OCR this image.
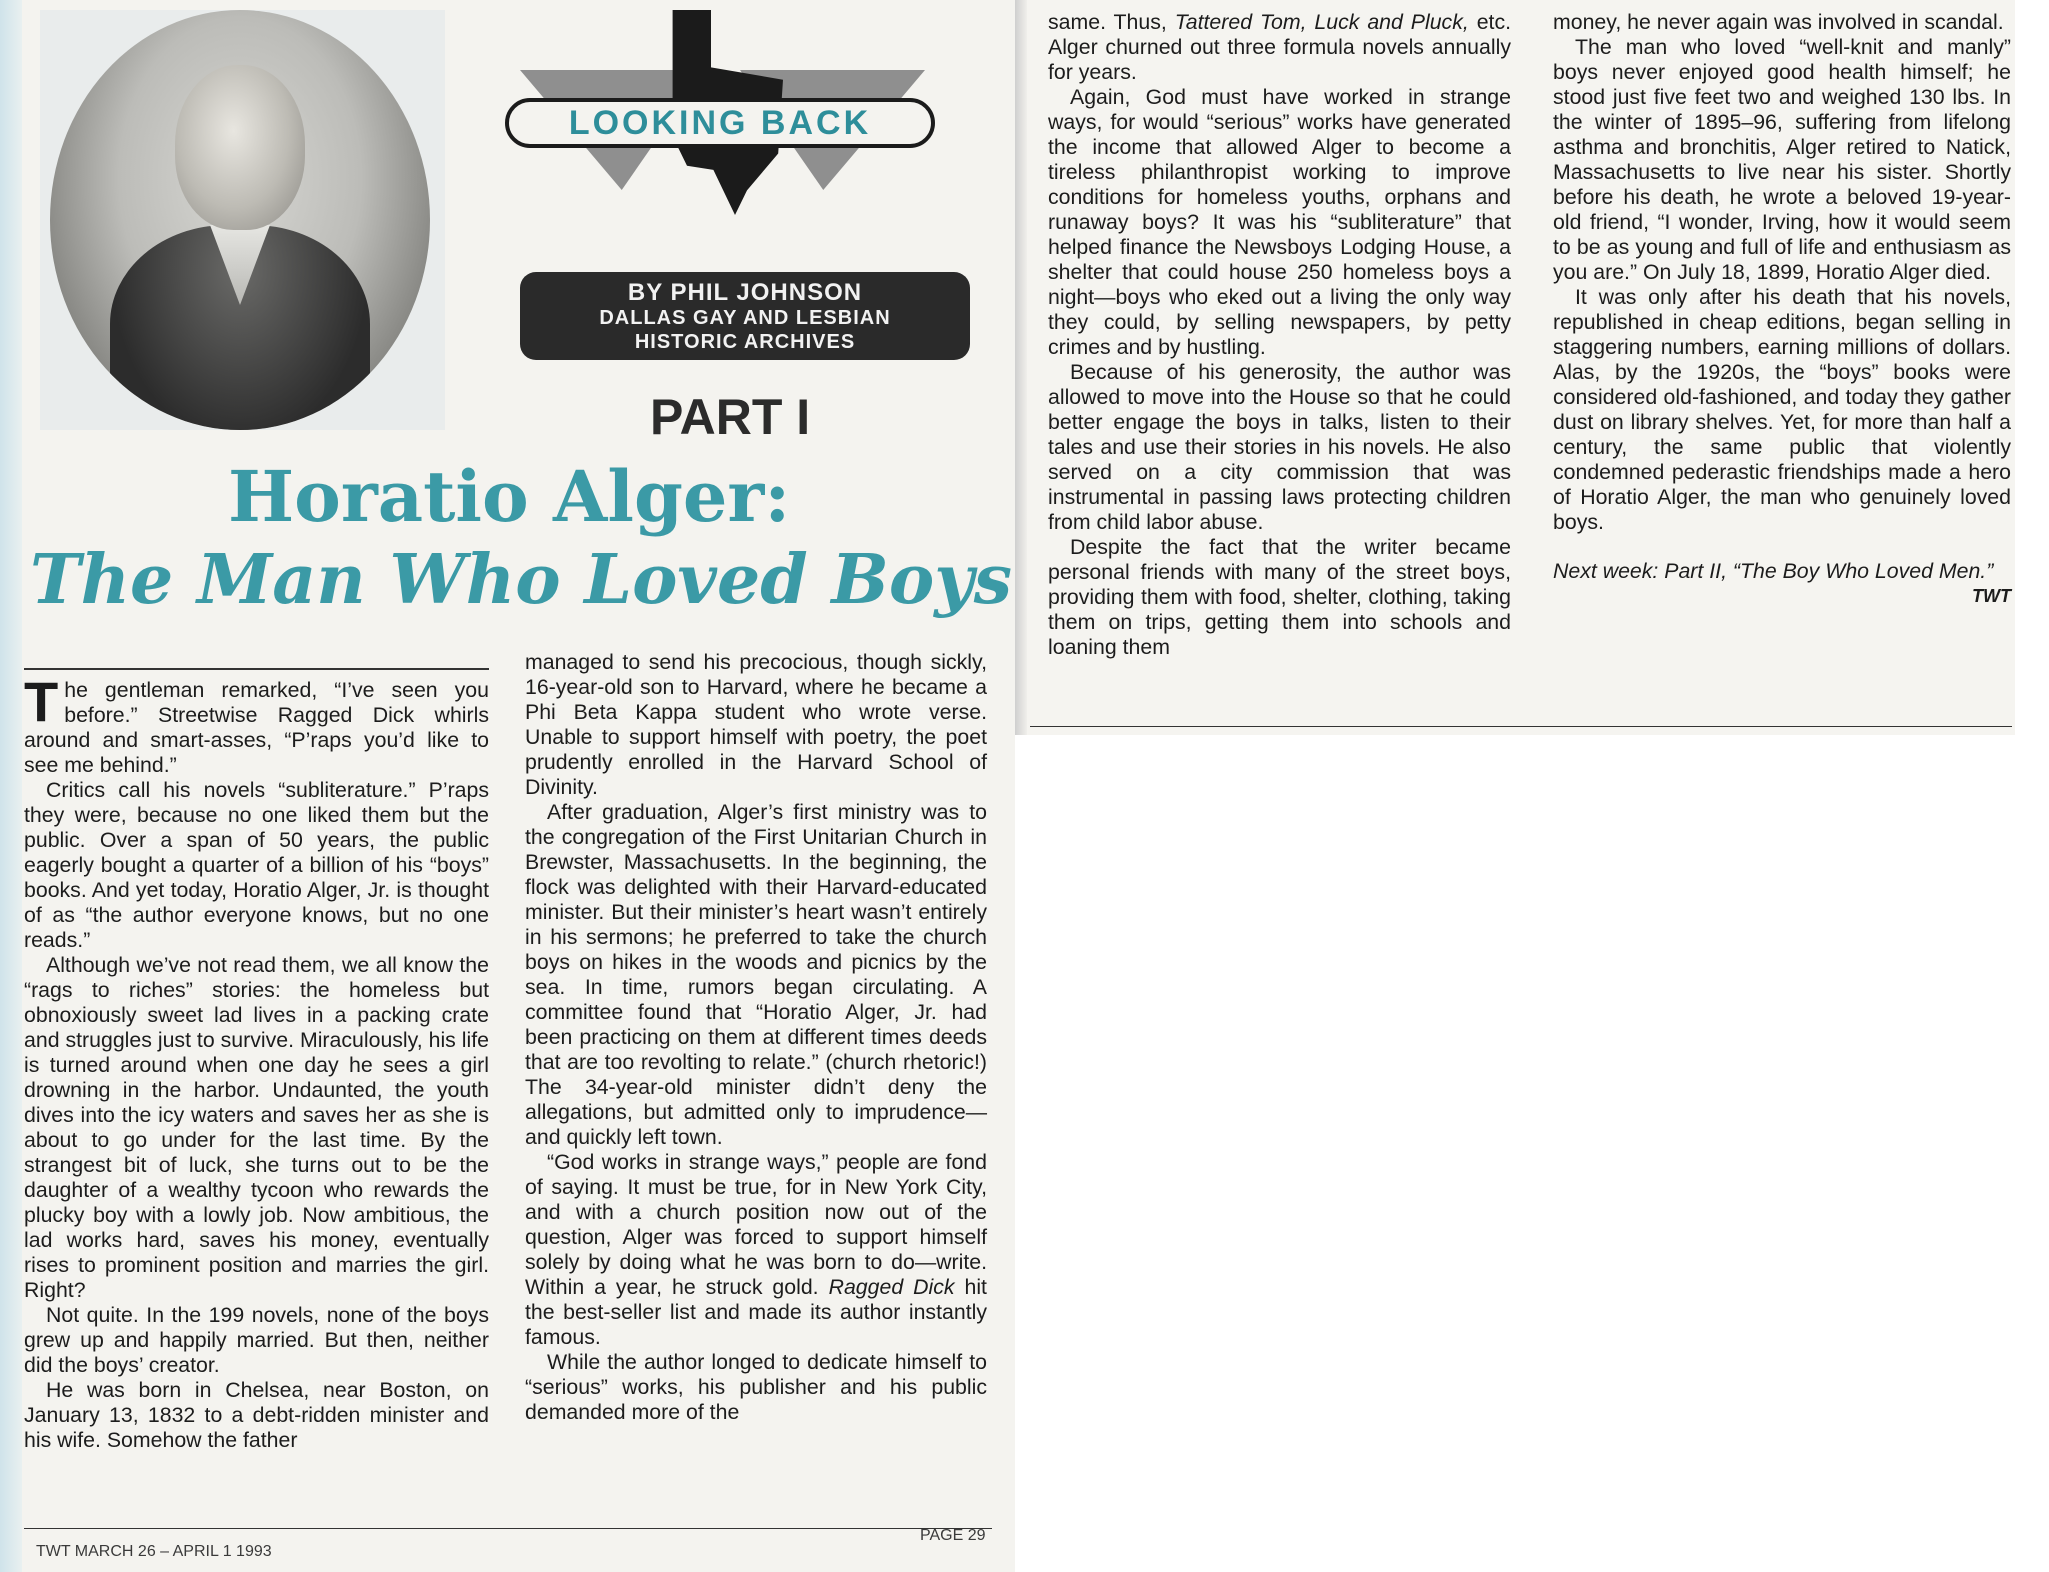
LOOKING BACK
BY PHIL JOHNSON
DALLAS GAY AND LESBIAN
HISTORIC ARCHIVES
PART I
Horatio Alger:
The Man Who Loved Boys

The gentleman remarked, “I’ve seen you before.” Streetwise Ragged Dick whirls around and smart-asses, “P’raps you’d like to see me behind.”

Critics call his novels “subliterature.” P’raps they were, because no one liked them but the public. Over a span of 50 years, the public eagerly bought a quarter of a billion of his “boys” books. And yet today, Horatio Alger, Jr. is thought of as “the author everyone knows, but no one reads.”

Although we’ve not read them, we all know the “rags to riches” stories: the homeless but obnoxiously sweet lad lives in a packing crate and struggles just to survive. Miraculously, his life is turned around when one day he sees a girl drowning in the harbor. Undaunted, the youth dives into the icy waters and saves her as she is about to go under for the last time. By the strangest bit of luck, she turns out to be the daughter of a wealthy tycoon who rewards the plucky boy with a lowly job. Now ambitious, the lad works hard, saves his money, eventually rises to prominent position and marries the girl. Right?

Not quite. In the 199 novels, none of the boys grew up and happily married. But then, neither did the boys’ creator.

He was born in Chelsea, near Boston, on January 13, 1832 to a debt-ridden minister and his wife. Somehow the father

managed to send his precocious, though sickly, 16-year-old son to Harvard, where he became a Phi Beta Kappa student who wrote verse. Unable to support himself with poetry, the poet prudently enrolled in the Harvard School of Divinity.

After graduation, Alger’s first ministry was to the congregation of the First Unitarian Church in Brewster, Massachusetts. In the beginning, the flock was delighted with their Harvard-educated minister. But their minister’s heart wasn’t entirely in his sermons; he preferred to take the church boys on hikes in the woods and picnics by the sea. In time, rumors began circulating. A committee found that “Horatio Alger, Jr. had been practicing on them at different times deeds that are too revolting to relate.” (church rhetoric!) The 34-year-old minister didn’t deny the allegations, but admitted only to imprudence—and quickly left town.

“God works in strange ways,” people are fond of saying. It must be true, for in New York City, and with a church position now out of the question, Alger was forced to support himself solely by doing what he was born to do—write. Within a year, he struck gold. Ragged Dick hit the best-seller list and made its author instantly famous.

While the author longed to dedicate himself to “serious” works, his publisher and his public demanded more of the

TWT MARCH 26 – APRIL 1 1993
PAGE 29

same. Thus, Tattered Tom, Luck and Pluck, etc. Alger churned out three formula novels annually for years.

Again, God must have worked in strange ways, for would “serious” works have generated the income that allowed Alger to become a tireless philanthropist working to improve conditions for homeless youths, orphans and runaway boys? It was his “subliterature” that helped finance the Newsboys Lodging House, a shelter that could house 250 homeless boys a night—boys who eked out a living the only way they could, by selling newspapers, by petty crimes and by hustling.

Because of his generosity, the author was allowed to move into the House so that he could better engage the boys in talks, listen to their tales and use their stories in his novels. He also served on a city commission that was instrumental in passing laws protecting children from child labor abuse.

Despite the fact that the writer became personal friends with many of the street boys, providing them with food, shelter, clothing, taking them on trips, getting them into schools and loaning them

money, he never again was involved in scandal.

The man who loved “well-knit and manly” boys never enjoyed good health himself; he stood just five feet two and weighed 130 lbs. In the winter of 1895–96, suffering from lifelong asthma and bronchitis, Alger retired to Natick, Massachusetts to live near his sister. Shortly before his death, he wrote a beloved 19-year-old friend, “I wonder, Irving, how it would seem to be as young and full of life and enthusiasm as you are.” On July 18, 1899, Horatio Alger died.

It was only after his death that his novels, republished in cheap editions, began selling in staggering numbers, earning millions of dollars. Alas, by the 1920s, the “boys” books were considered old-fashioned, and today they gather dust on library shelves. Yet, for more than half a century, the same public that violently condemned pederastic friendships made a hero of Horatio Alger, the man who genuinely loved boys.

Next week: Part II, “The Boy Who Loved Men.”

TWT
